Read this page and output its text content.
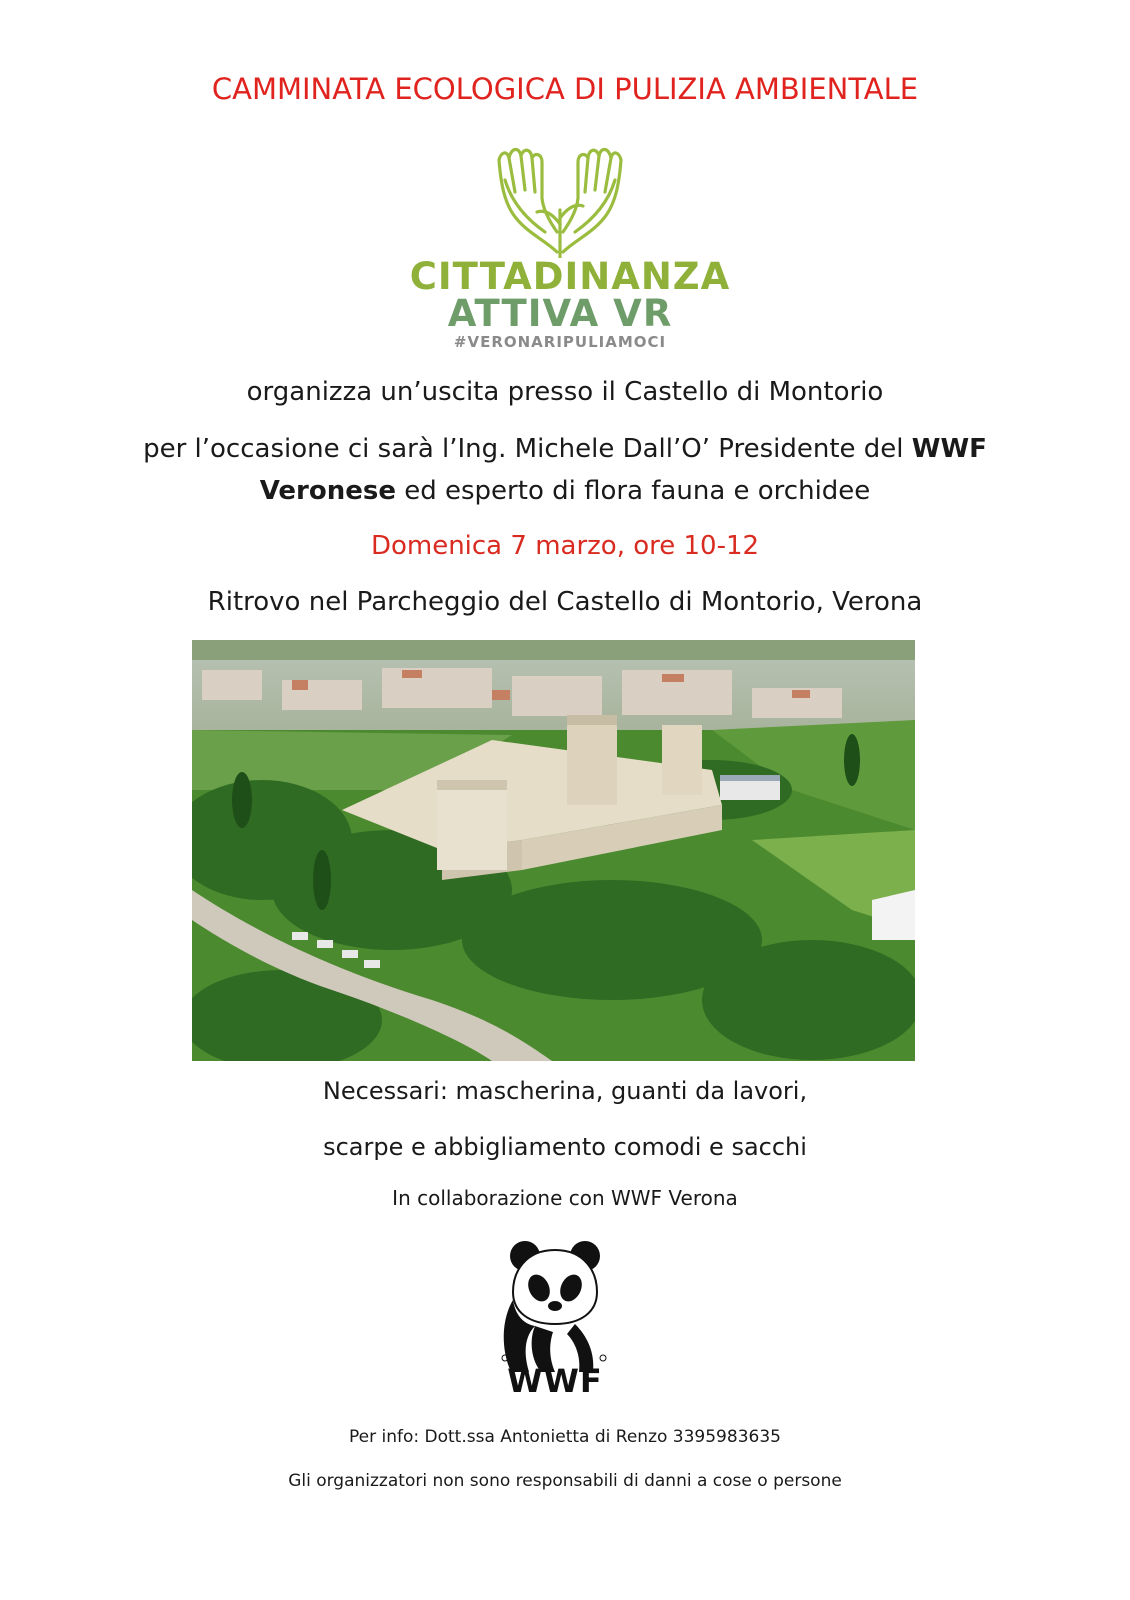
CAMMINATA ECOLOGICA DI PULIZIA AMBIENTALE
CITTADINANZA
ATTIVA VR
#VERONARIPULIAMOCI
organizza un’uscita presso il Castello di Montorio
per l’occasione ci sarà l’Ing. Michele Dall’O’ Presidente del WWF
Veronese ed esperto di flora fauna e orchidee
Domenica 7 marzo, ore 10-12
Ritrovo nel Parcheggio del Castello di Montorio, Verona
Necessari: mascherina, guanti da lavori,
scarpe e abbigliamento comodi e sacchi
In collaborazione con WWF Verona
WWF
Per info: Dott.ssa Antonietta di Renzo 3395983635
Gli organizzatori non sono responsabili di danni a cose o persone
